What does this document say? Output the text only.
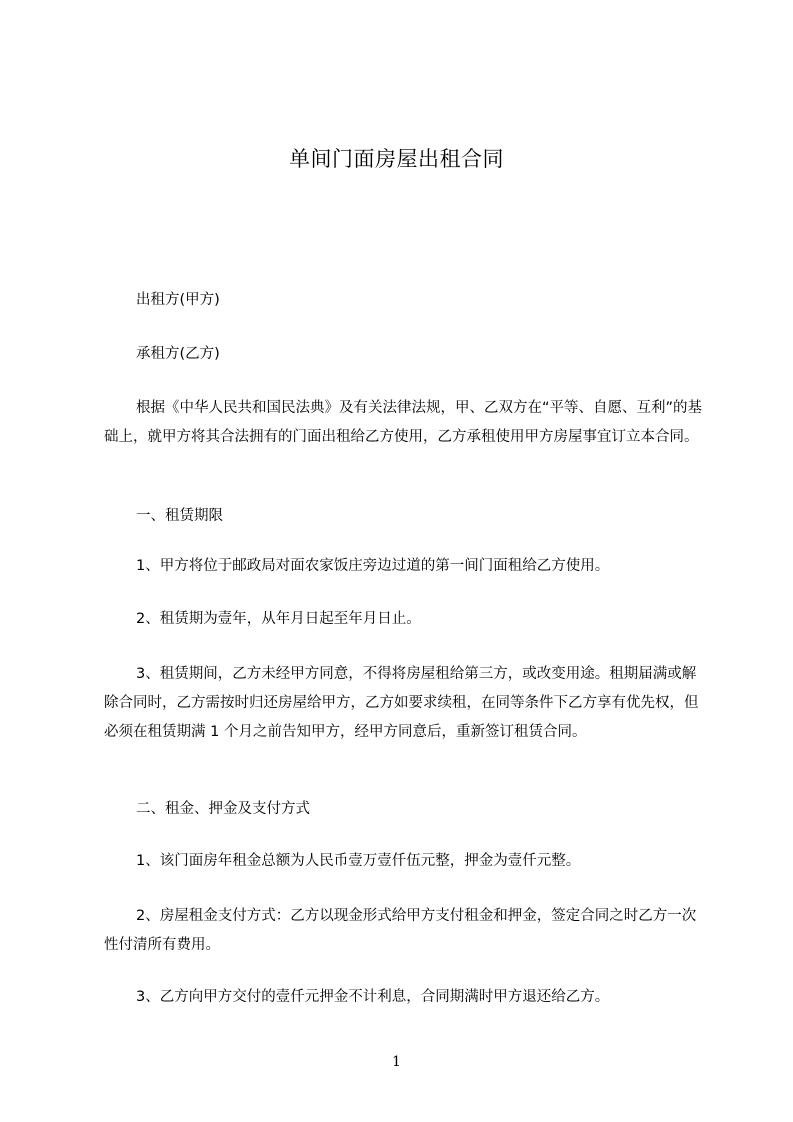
单间门面房屋出租合同

出租方(甲方)

承租方(乙方)

根据《中华人民共和国民法典》及有关法律法规，甲、乙双方在“平等、自愿、互利”的基础上，就甲方将其合法拥有的门面出租给乙方使用，乙方承租使用甲方房屋事宜订立本合同。

一、租赁期限

1、甲方将位于邮政局对面农家饭庄旁边过道的第一间门面租给乙方使用。

2、租赁期为壹年，从年月日起至年月日止。

3、租赁期间，乙方未经甲方同意，不得将房屋租给第三方，或改变用途。租期届满或解除合同时，乙方需按时归还房屋给甲方，乙方如要求续租，在同等条件下乙方享有优先权，但必须在租赁期满 1 个月之前告知甲方，经甲方同意后，重新签订租赁合同。

二、租金、押金及支付方式

1、该门面房年租金总额为人民币壹万壹仟伍元整，押金为壹仟元整。

2、房屋租金支付方式：乙方以现金形式给甲方支付租金和押金，签定合同之时乙方一次性付清所有费用。

3、乙方向甲方交付的壹仟元押金不计利息，合同期满时甲方退还给乙方。

1
